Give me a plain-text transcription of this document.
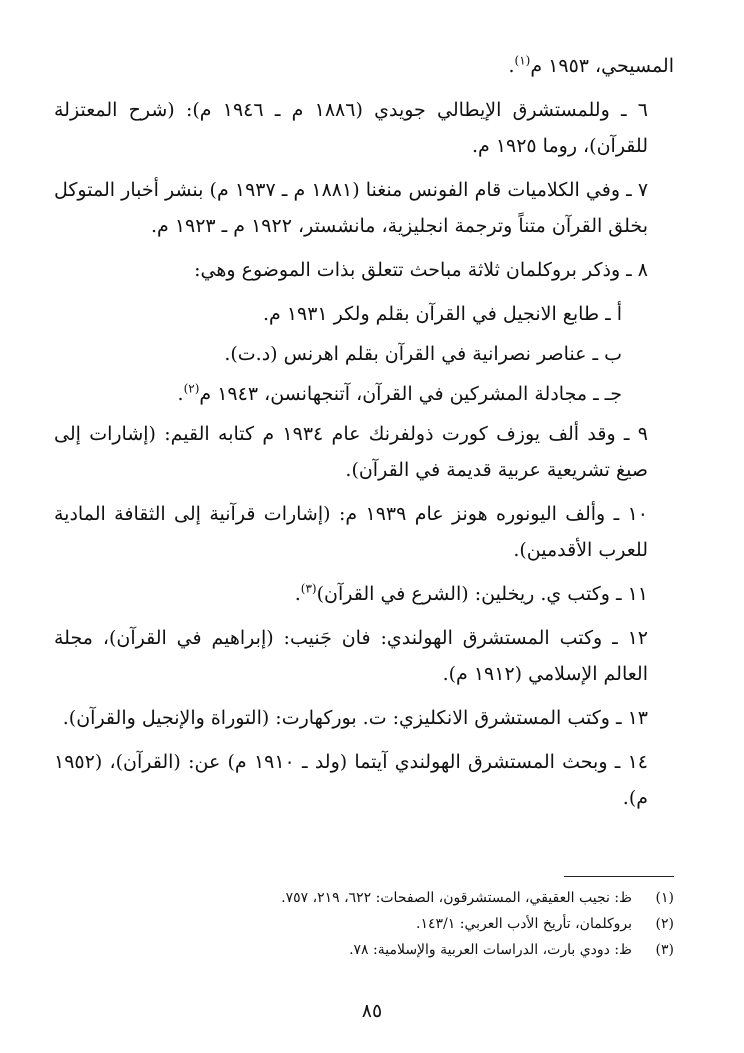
المسيحي، ١٩٥٣ م$^{(١)}$.

٦ ـ وللمستشرق الإيطالي جويدي (١٨٨٦ م ـ ١٩٤٦ م): (شرح المعتزلة للقرآن)، روما ١٩٢٥ م.

٧ ـ وفي الكلاميات قام الفونس منغنا (١٨٨١ م ـ ١٩٣٧ م) بنشر أخبار المتوكل بخلق القرآن متناً وترجمة انجليزية، مانشستر، ١٩٢٢ م ـ ١٩٢٣ م.

٨ ـ وذكر بروكلمان ثلاثة مباحث تتعلق بذات الموضوع وهي:

أ ـ طابع الانجيل في القرآن بقلم ولكر ١٩٣١ م.

ب ـ عناصر نصرانية في القرآن بقلم اهرنس (د.ت).

جـ ـ مجادلة المشركين في القرآن، آتنجهانسن، ١٩٤٣ م$^{(٢)}$.

٩ ـ وقد ألف يوزف كورت ذولفرنك عام ١٩٣٤ م كتابه القيم: (إشارات إلى صيغ تشريعية عربية قديمة في القرآن).

١٠ ـ وألف اليونوره هونز عام ١٩٣٩ م: (إشارات قرآنية إلى الثقافة المادية للعرب الأقدمين).

١١ ـ وكتب ي. ريخلين: (الشرع في القرآن)$^{(٣)}$.

١٢ ـ وكتب المستشرق الهولندي: فان جَنيب: (إبراهيم في القرآن)، مجلة العالم الإسلامي (١٩١٢ م).

١٣ ـ وكتب المستشرق الانكليزي: ت. بوركهارت: (التوراة والإنجيل والقرآن).

١٤ ـ وبحث المستشرق الهولندي آيتما (ولد ـ ١٩١٠ م) عن: (القرآن)، (١٩٥٢ م).

(١)
ظ: نجيب العقيقي، المستشرقون، الصفحات: ٦٢٢، ٢١٩، ٧٥٧.
(٢)
بروكلمان، تأريخ الأدب العربي: ١٤٣/١.
(٣)
ظ: دودي بارت، الدراسات العربية والإسلامية: ٧٨.
٨٥
